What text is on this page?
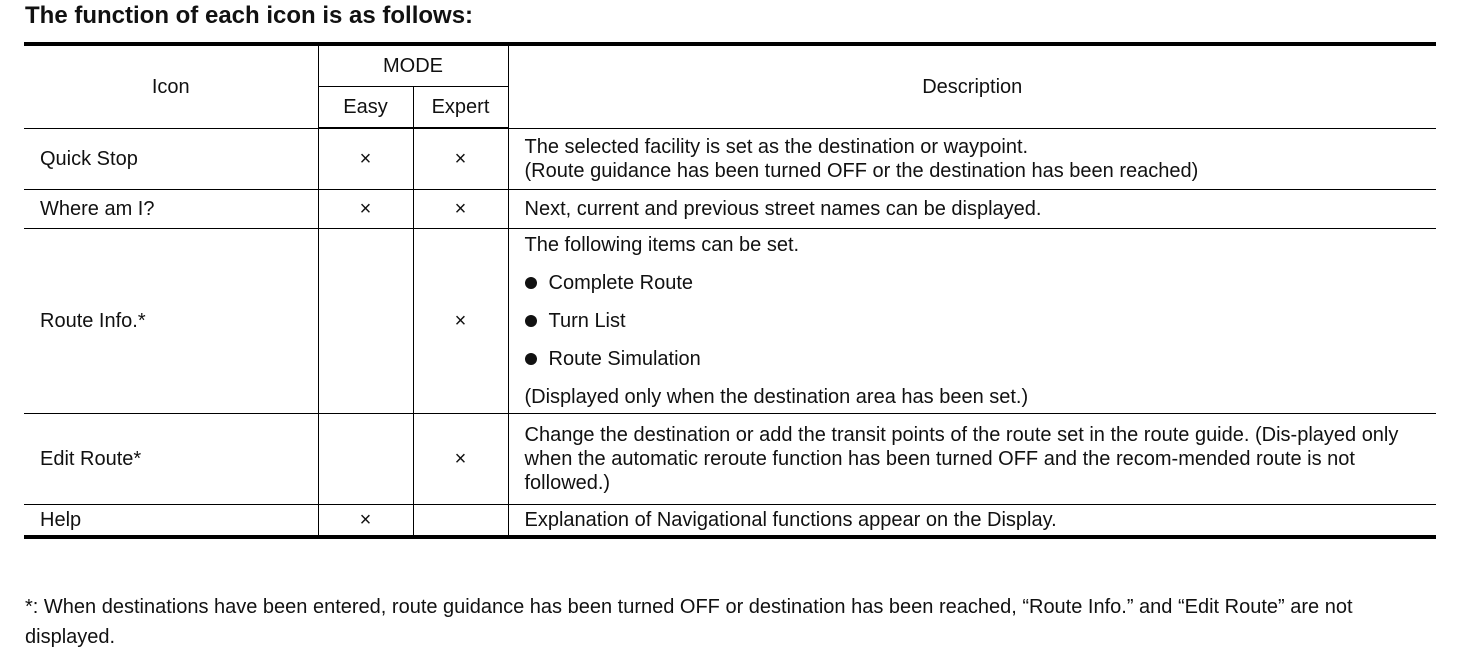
The function of each icon is as follows:
Icon	MODE		Description
	Easy	Expert	
Quick Stop	×	×	The selected facility is set as the destination or waypoint.
(Route guidance has been turned OFF or the destination has been reached)

Where am I?	×	×	Next, current and previous street names can be displayed.
Route Info.*		×	The following items can be set.
Complete Route
Turn List
Route Simulation
(Displayed only when the destination area has been set.)

Edit Route*		×	Change the destination or add the transit points of the route set in the route guide. (Dis-played only when the automatic reroute function has been turned OFF and the recom-mended route is not followed.)
Help	×		Explanation of Navigational functions appear on the Display.
*: When destinations have been entered, route guidance has been turned OFF or destination has been reached, “Route Info.” and “Edit Route” are not displayed.
